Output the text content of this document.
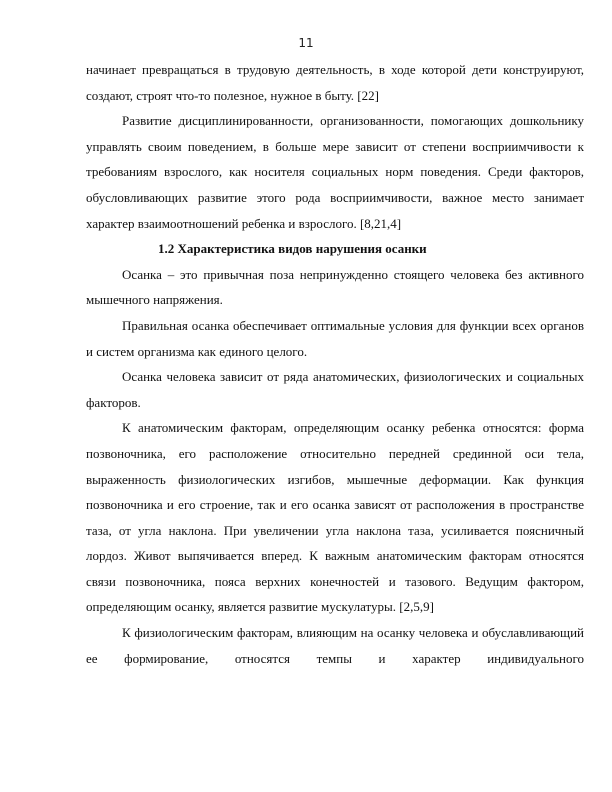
11

начинает превращаться в трудовую деятельность, в ходе которой дети конструируют, создают, строят что-то полезное, нужное в быту. [22]

Развитие дисциплинированности, организованности, помогающих дошкольнику управлять своим поведением, в больше мере зависит от степени восприимчивости к требованиям взрослого, как носителя социальных норм поведения. Среди факторов, обусловливающих развитие этого рода восприимчивости, важное место занимает характер взаимоотношений ребенка и взрослого. [8,21,4]

1.2 Характеристика видов нарушения осанки

Осанка – это привычная поза непринужденно стоящего человека без активного мышечного напряжения.

Правильная осанка обеспечивает оптимальные условия для функции всех органов и систем организма как единого целого.

Осанка человека зависит от ряда анатомических, физиологических и социальных факторов.

К анатомическим факторам, определяющим осанку ребенка относятся: форма позвоночника, его расположение относительно передней срединной оси тела, выраженность физиологических изгибов, мышечные деформации. Как функция позвоночника и его строение, так и его осанка зависят от расположения в пространстве таза, от угла наклона. При увеличении угла наклона таза, усиливается поясничный лордоз. Живот выпячивается вперед. К важным анатомическим факторам относятся связи позвоночника, пояса верхних конечностей и тазового. Ведущим фактором, определяющим осанку, является развитие мускулатуры. [2,5,9]

К физиологическим факторам, влияющим на осанку человека и обуславливающий ее формирование, относятся темпы и характер индивидуального
